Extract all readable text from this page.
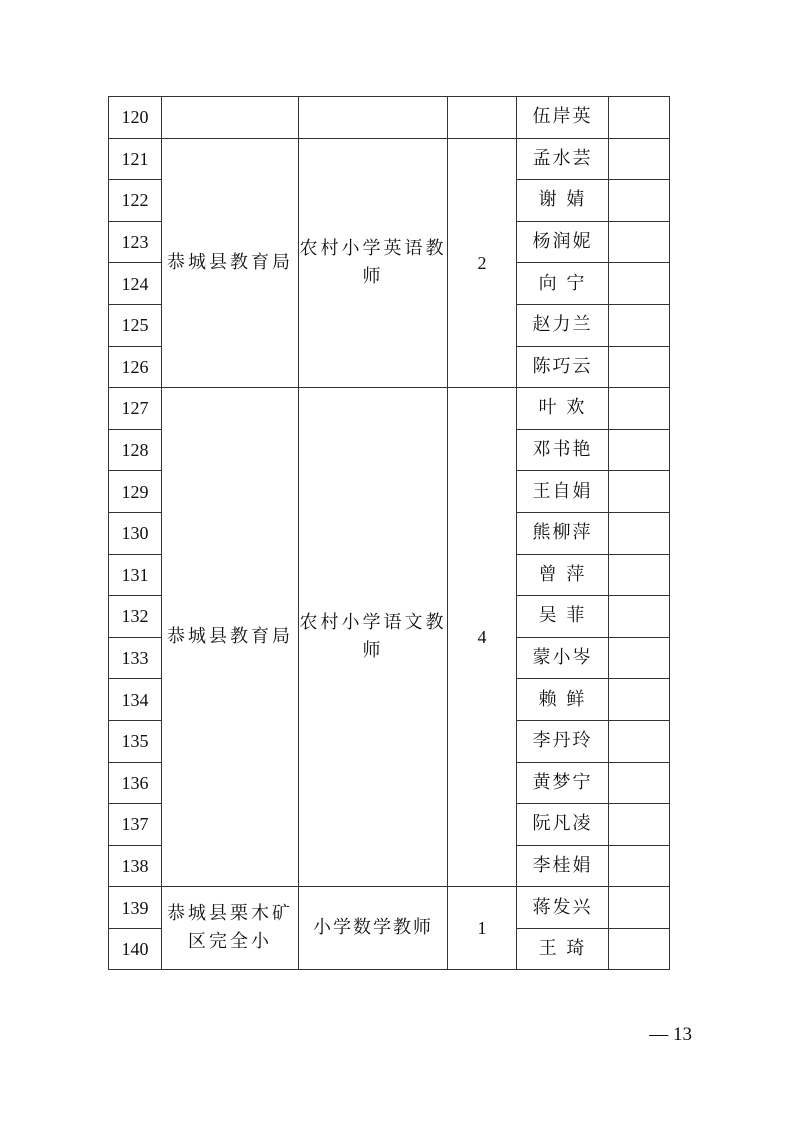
120				伍岸英	
121	恭城县教育局	农村小学英语教师	2	孟水芸	
122				谢 婧	
123				杨润妮	
124				向 宁	
125				赵力兰	
126				陈巧云	
127	恭城县教育局	农村小学语文教师	4	叶 欢	
128				邓书艳	
129				王自娟	
130				熊柳萍	
131				曾 萍	
132				吴 菲	
133				蒙小岑	
134				赖 鲜	
135				李丹玲	
136				黄梦宁	
137				阮凡凌	
138				李桂娟	
139	恭城县栗木矿区完全小	小学数学教师	1	蒋发兴	
140				王 琦	
— 13
